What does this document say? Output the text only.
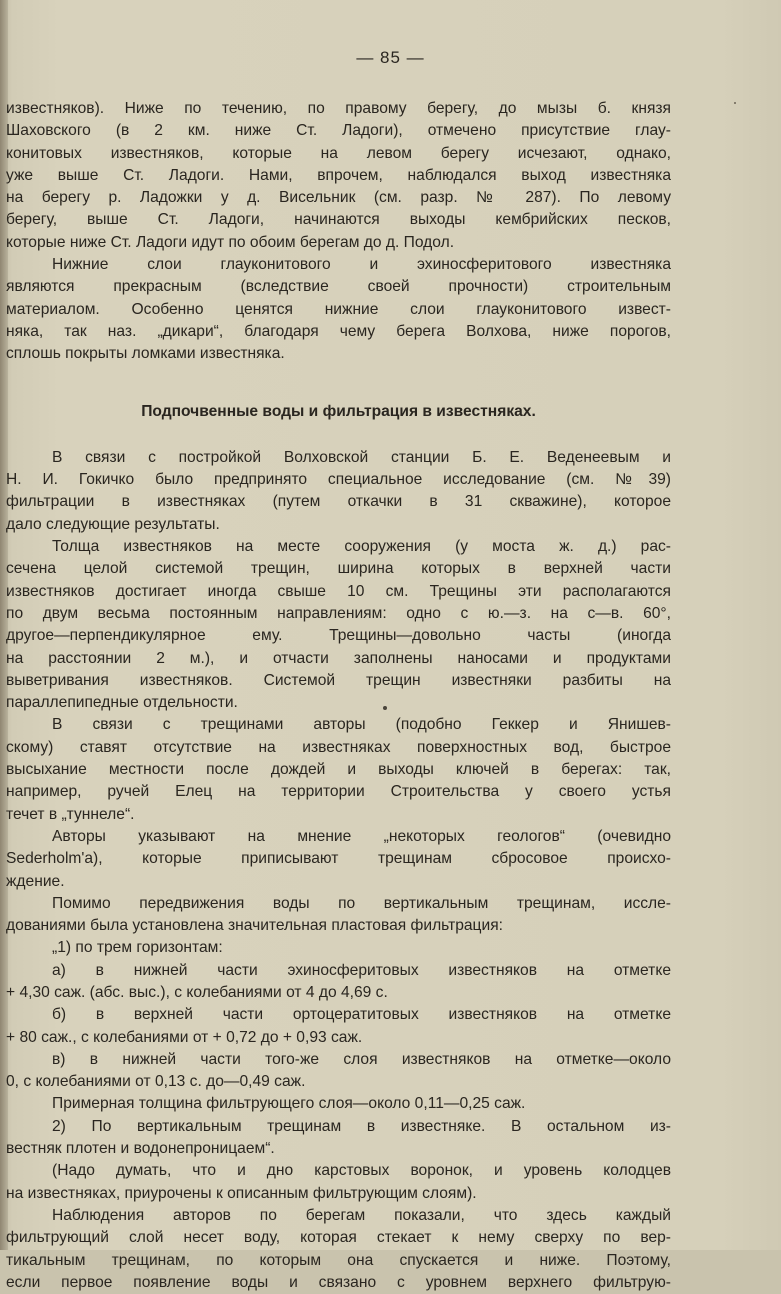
— 85 —
известняков). Ниже по течению, по правому берегу, до мызы б. князя
Шаховского (в 2 км. ниже Ст. Ладоги), отмечено присутствие глау-
конитовых известняков, которые на левом берегу исчезают, однако,
уже выше Ст. Ладоги. Нами, впрочем, наблюдался выход известняка
на берегу р. Ладожки у д. Висельник (см. разр. № 287). По левому
берегу, выше Ст. Ладоги, начинаются выходы кембрийских песков,
которые ниже Ст. Ладоги идут по обоим берегам до д. Подол.
Нижние слои глауконитового и эхиносферитового известняка
являются прекрасным (вследствие своей прочности) строительным
материалом. Особенно ценятся нижние слои глауконитового извест-
няка, так наз. „дикари“, благодаря чему берега Волхова, ниже порогов,
сплошь покрыты ломками известняка.
Подпочвенные воды и фильтрация в известняках.
В связи с постройкой Волховской станции Б. Е. Веденеевым и
Н. И. Гокичко было предпринято специальное исследование (см. №39)
фильтрации в известняках (путем откачки в 31 скважине), которое
дало следующие результаты.
Толща известняков на месте сооружения (у моста ж. д.) рас-
сечена целой системой трещин, ширина которых в верхней части
известняков достигает иногда свыше 10 см. Трещины эти располагаются
по двум весьма постоянным направлениям: одно с ю.—з. на с—в. 60°,
другое—перпендикулярное ему. Трещины—довольно часты (иногда
на расстоянии 2 м.), и отчасти заполнены наносами и продуктами
выветривания известняков. Системой трещин известняки разбиты на
параллепипедные отдельности.
В связи с трещинами авторы (подобно Геккер и Янишев-
скому) ставят отсутствие на известняках поверхностных вод, быстрое
высыхание местности после дождей и выходы ключей в берегах: так,
например, ручей Елец на территории Строительства у своего устья
течет в „туннеле“.
Авторы указывают на мнение „некоторых геологов“ (очевидно
Sederholm'a), которые приписывают трещинам сбросовое происхо-
ждение.
Помимо передвижения воды по вертикальным трещинам, иссле-
дованиями была установлена значительная пластовая фильтрация:
„1) по трем горизонтам:
а) в нижней части эхиносферитовых известняков на отметке
+ 4,30 саж. (абс. выс.), с колебаниями от 4 до 4,69 с.
б) в верхней части ортоцератитовых известняков на отметке
+ 80 саж., с колебаниями от + 0,72 до + 0,93 саж.
в) в нижней части того-же слоя известняков на отметке—около
0, с колебаниями от 0,13 с. до—0,49 саж.
Примерная толщина фильтрующего слоя—около 0,11—0,25 саж.
2) По вертикальным трещинам в известняке. В остальном из-
вестняк плотен и водонепроницаем“.
(Надо думать, что и дно карстовых воронок, и уровень колодцев
на известняках, приурочены к описанным фильтрующим слоям).
Наблюдения авторов по берегам показали, что здесь каждый
фильтрующий слой несет воду, которая стекает к нему сверху по вер-
тикальным трещинам, по которым она спускается и ниже. Поэтому,
если первое появление воды и связано с уровнем верхнего фильтрую-
